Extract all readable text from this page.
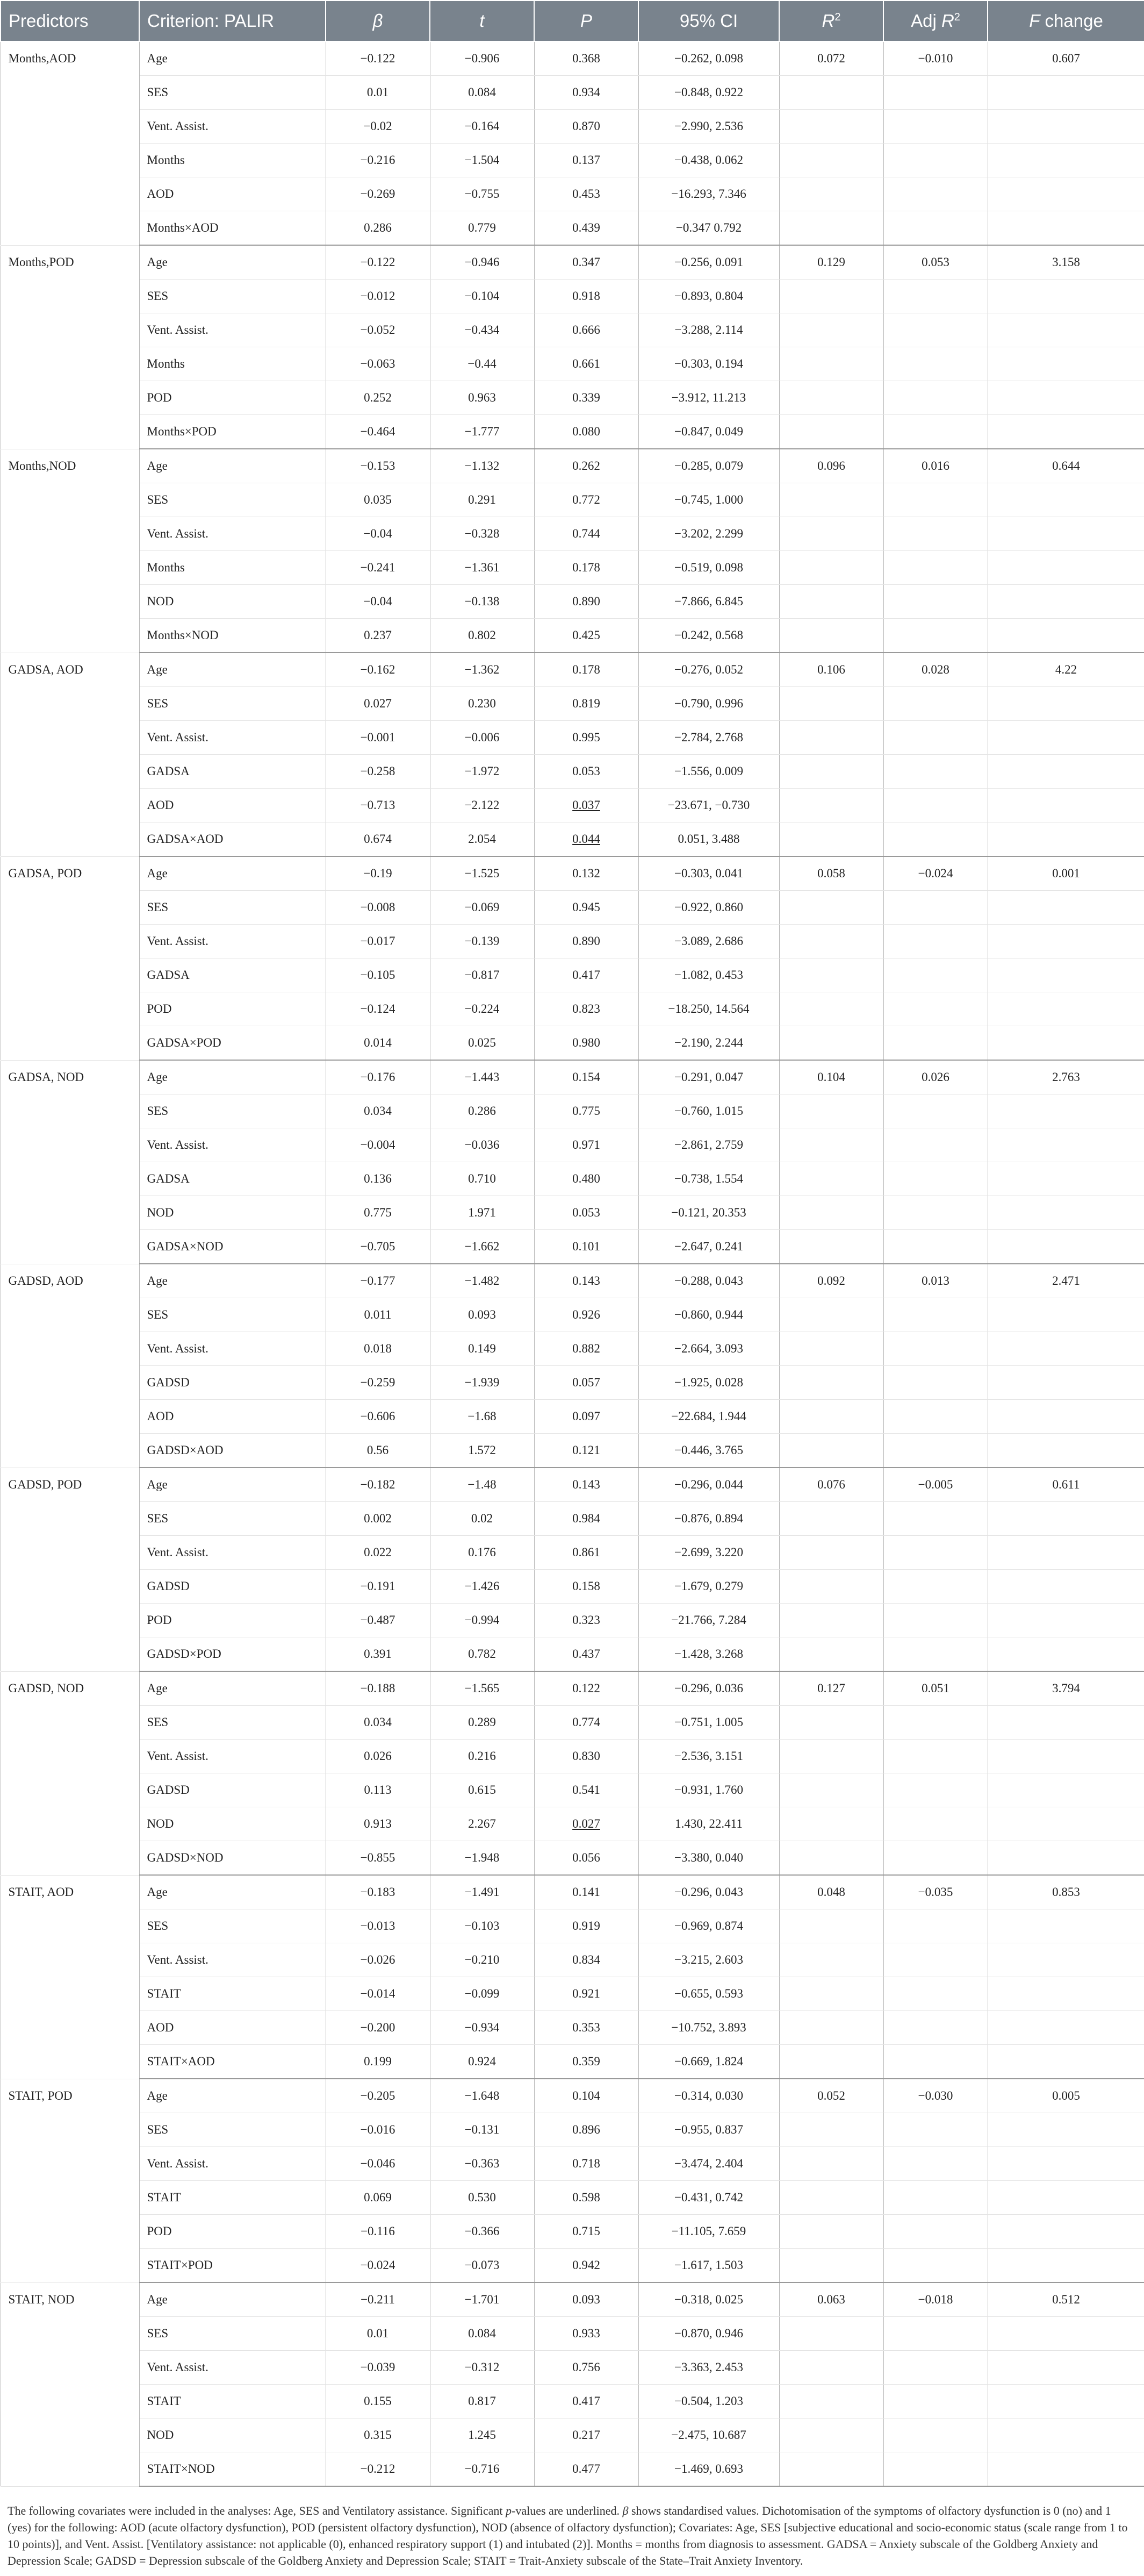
Predictors	Criterion: PALIR	β	t	P	95% CI	$R^2$	Adj $R^2$	F change
Months,AOD	Age	−0.122	−0.906	0.368	−0.262, 0.098	0.072	−0.010	0.607
	SES	0.01	0.084	0.934	−0.848, 0.922			
	Vent. Assist.	−0.02	−0.164	0.870	−2.990, 2.536			
	Months	−0.216	−1.504	0.137	−0.438, 0.062			
	AOD	−0.269	−0.755	0.453	−16.293, 7.346			
	Months×AOD	0.286	0.779	0.439	−0.347 0.792			
Months,POD	Age	−0.122	−0.946	0.347	−0.256, 0.091	0.129	0.053	3.158
	SES	−0.012	−0.104	0.918	−0.893, 0.804			
	Vent. Assist.	−0.052	−0.434	0.666	−3.288, 2.114			
	Months	−0.063	−0.44	0.661	−0.303, 0.194			
	POD	0.252	0.963	0.339	−3.912, 11.213			
	Months×POD	−0.464	−1.777	0.080	−0.847, 0.049			
Months,NOD	Age	−0.153	−1.132	0.262	−0.285, 0.079	0.096	0.016	0.644
	SES	0.035	0.291	0.772	−0.745, 1.000			
	Vent. Assist.	−0.04	−0.328	0.744	−3.202, 2.299			
	Months	−0.241	−1.361	0.178	−0.519, 0.098			
	NOD	−0.04	−0.138	0.890	−7.866, 6.845			
	Months×NOD	0.237	0.802	0.425	−0.242, 0.568			
GADSA, AOD	Age	−0.162	−1.362	0.178	−0.276, 0.052	0.106	0.028	4.22
	SES	0.027	0.230	0.819	−0.790, 0.996			
	Vent. Assist.	−0.001	−0.006	0.995	−2.784, 2.768			
	GADSA	−0.258	−1.972	0.053	−1.556, 0.009			
	AOD	−0.713	−2.122	0.037	−23.671, −0.730			
	GADSA×AOD	0.674	2.054	0.044	0.051, 3.488			
GADSA, POD	Age	−0.19	−1.525	0.132	−0.303, 0.041	0.058	−0.024	0.001
	SES	−0.008	−0.069	0.945	−0.922, 0.860			
	Vent. Assist.	−0.017	−0.139	0.890	−3.089, 2.686			
	GADSA	−0.105	−0.817	0.417	−1.082, 0.453			
	POD	−0.124	−0.224	0.823	−18.250, 14.564			
	GADSA×POD	0.014	0.025	0.980	−2.190, 2.244			
GADSA, NOD	Age	−0.176	−1.443	0.154	−0.291, 0.047	0.104	0.026	2.763
	SES	0.034	0.286	0.775	−0.760, 1.015			
	Vent. Assist.	−0.004	−0.036	0.971	−2.861, 2.759			
	GADSA	0.136	0.710	0.480	−0.738, 1.554			
	NOD	0.775	1.971	0.053	−0.121, 20.353			
	GADSA×NOD	−0.705	−1.662	0.101	−2.647, 0.241			
GADSD, AOD	Age	−0.177	−1.482	0.143	−0.288, 0.043	0.092	0.013	2.471
	SES	0.011	0.093	0.926	−0.860, 0.944			
	Vent. Assist.	0.018	0.149	0.882	−2.664, 3.093			
	GADSD	−0.259	−1.939	0.057	−1.925, 0.028			
	AOD	−0.606	−1.68	0.097	−22.684, 1.944			
	GADSD×AOD	0.56	1.572	0.121	−0.446, 3.765			
GADSD, POD	Age	−0.182	−1.48	0.143	−0.296, 0.044	0.076	−0.005	0.611
	SES	0.002	0.02	0.984	−0.876, 0.894			
	Vent. Assist.	0.022	0.176	0.861	−2.699, 3.220			
	GADSD	−0.191	−1.426	0.158	−1.679, 0.279			
	POD	−0.487	−0.994	0.323	−21.766, 7.284			
	GADSD×POD	0.391	0.782	0.437	−1.428, 3.268			
GADSD, NOD	Age	−0.188	−1.565	0.122	−0.296, 0.036	0.127	0.051	3.794
	SES	0.034	0.289	0.774	−0.751, 1.005			
	Vent. Assist.	0.026	0.216	0.830	−2.536, 3.151			
	GADSD	0.113	0.615	0.541	−0.931, 1.760			
	NOD	0.913	2.267	0.027	1.430, 22.411			
	GADSD×NOD	−0.855	−1.948	0.056	−3.380, 0.040			
STAIT, AOD	Age	−0.183	−1.491	0.141	−0.296, 0.043	0.048	−0.035	0.853
	SES	−0.013	−0.103	0.919	−0.969, 0.874			
	Vent. Assist.	−0.026	−0.210	0.834	−3.215, 2.603			
	STAIT	−0.014	−0.099	0.921	−0.655, 0.593			
	AOD	−0.200	−0.934	0.353	−10.752, 3.893			
	STAIT×AOD	0.199	0.924	0.359	−0.669, 1.824			
STAIT, POD	Age	−0.205	−1.648	0.104	−0.314, 0.030	0.052	−0.030	0.005
	SES	−0.016	−0.131	0.896	−0.955, 0.837			
	Vent. Assist.	−0.046	−0.363	0.718	−3.474, 2.404			
	STAIT	0.069	0.530	0.598	−0.431, 0.742			
	POD	−0.116	−0.366	0.715	−11.105, 7.659			
	STAIT×POD	−0.024	−0.073	0.942	−1.617, 1.503			
STAIT, NOD	Age	−0.211	−1.701	0.093	−0.318, 0.025	0.063	−0.018	0.512
	SES	0.01	0.084	0.933	−0.870, 0.946			
	Vent. Assist.	−0.039	−0.312	0.756	−3.363, 2.453			
	STAIT	0.155	0.817	0.417	−0.504, 1.203			
	NOD	0.315	1.245	0.217	−2.475, 10.687			
	STAIT×NOD	−0.212	−0.716	0.477	−1.469, 0.693			
The following covariates were included in the analyses: Age, SES and Ventilatory assistance. Significant p-values are underlined. β shows standardised values. Dichotomisation of the symptoms of olfactory dysfunction is 0 (no) and 1 (yes) for the following: AOD (acute olfactory dysfunction), POD (persistent olfactory dysfunction), NOD (absence of olfactory dysfunction); Covariates: Age, SES [subjective educational and socio-economic status (scale range from 1 to 10 points)], and Vent. Assist. [Ventilatory assistance: not applicable (0), enhanced respiratory support (1) and intubated (2)]. Months = months from diagnosis to assessment. GADSA = Anxiety subscale of the Goldberg Anxiety and Depression Scale; GADSD = Depression subscale of the Goldberg Anxiety and Depression Scale; STAIT = Trait-Anxiety subscale of the State–Trait Anxiety Inventory.
